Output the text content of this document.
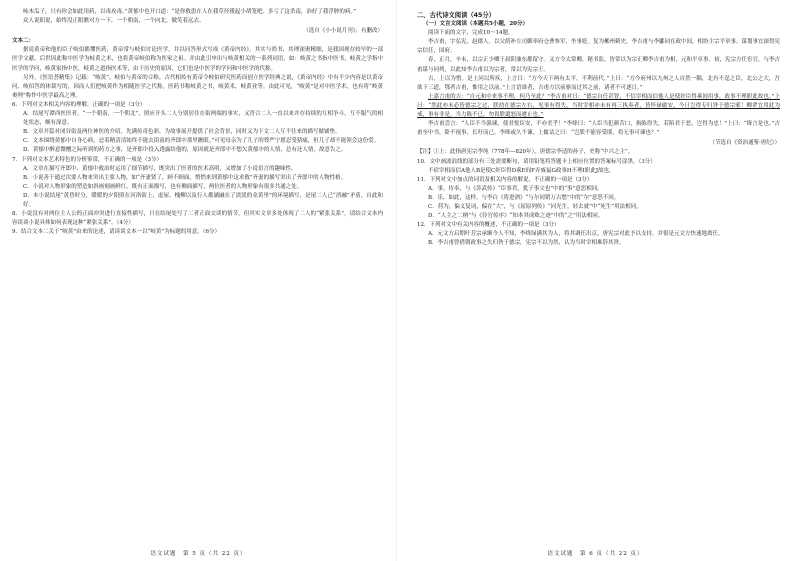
咏木瓜子，只有你会如此用药，以毒攻毒。”黄郁中也开口道：“是你救患在人在我草径援起小胡笼吧。多亏了这杀南，治好了我浮肿的病。”

众人说阳说，始终没正眼瞧对方一下，一个朝南，一个向北，做笑着远去。

（选自《小小说月刊》，有删改）

文本二：

据说黄帝和他的臣子岐伯都懂医药，黄帝常与岐伯讨论医学，并以问答形式写成《黄帝内经》。其实与尚书，其理深奥精细，是我国现存较早的一部医学文献。后世因此称中医学为岐黄之术，也将黄帝岐伯称为医家之祖。并由此引申出与岐黄相关的一系列词语，如：岐黄之书指中医书，岐黄之学指中医学的学问，岐黄家指中医，岐黄之道指医术等，由于历史的原因，它们也是中医学的学问和中医学的代称。

另外，《医语荟精集》记载：“岐黄”，岐伯与黄帝的合称。古代相传有黄帝令岐伯研究医药而创立医学经典之说，《黄帝内经》中有不少内容是以黄帝问、岐伯答的体裁写的，因而人们把岐黄作为相随医学之代称。医药书称岐黄之书，岐黄术，岐黄业等。由此可见，“岐黄”是对中医学术，也有将“岐黄奥理”称作中医学最高之理。

6．下列对文本相关内容的理解，正确的一项是（3分）

A．结尾写谭西医医者，“一个朝南，一个朝北”，照应开头二人分别居住在街两端的事实，又符合二人一直以来并存持续的互相争斗，互不服气的相处状态，颇有深意。

B．文章开篇对闭谷街及两位神医的介绍，先满传奇色彩，为故事展开提供了社会背景，同时又为下文二人互不往来的描写做铺垫。

C．文本围绕黄郁中自身心病，忌着精清清始终不能去街南的齐郎中那里瞧眼。”可见母亲为了儿子的尊严宁愿忍受猜痛，但儿子却不能领会这份爱。

D．黄郁中醉意微醺之际听到的药方之事，是齐郎中投入透露给他的，原因就是齐郎中不想欠黄郁中的人情，总有还人情，故意告之。

7．下列对文本艺术特色的分析鉴赏，不正确的一项是（3分）

A．文章在描写齐郎中、黄郁中救治时运用了细节描写，既突出了医者的医术高明，又增加了小说语言的趣味性。

B．小说善于通过次要人物来突出主要人物，如“齐妻贤了，顾不顾面，悄悄来到黄郁中这求救”齐妻的描写突出了齐郎中的人物性格。

C．小说对人物形象的塑造如斜画刻画鲜红，既有正面描写，也有侧面描写，两位医者的人物形象有很多共通之处。

D．本小说结尾“黄昏时分，暖暖的夕阳照在河洛街上，虚屋、槐柳以及行人都涵融在了淡淡的金黄里”的环境描写，是尾二人己“消融”矛盾，自此和好。

8．小说没有对两位主人公的正面冲突进行直接性描写，只在结尾处写了二者正面交谈的情节，但其实文章多处体现了二人的“紧张关系”，请结合文本内容谈谈小说具体如何表现这种“紧张关系”。（4分）

9．结合文本二关于“岐黄”由来的论述，请谈谈文本一以“岐黄”为标题的用意。（6分）

语文试题　第 5 页（共 22 页）

二、古代诗文阅读（45分）

（一）文言文阅读（本题共5小题，20分）

阅读下面的文字，完成10～14题。

李吉甫，字弘宪，赵郡人。以父荫补左司御率府仓曹参军，坐事贬。复为郴州刺史，李吉甫与李鄘同在政中间，相协主宗平章事。谋划事宜深得宪宗信任，国府。

春，正月，辛未，以宗正少卿王叔阳兼东都留守。又方令太常卿，秘书监，皆常以为宗正卿李吉甫为相，元和平章事。初，宪宗方任宦官，与李吉甫谋与同列，以此知李吉甫以为宗者，常以为宪宗王。

吉，上以为惜。是上问以所疾，上言曰：“方今天下两有太平，不利前代。”上曰：“方今府州以九州之人自然一隅，北有不逞之臣，北公之大，吾欲下三道，鄂者吉甫，惟用之以前。”上言语谁者，吉甫方以前驱而过其之前，诸者不可逐日。”

上嘉言甫的吉：“自元和中来事不理，何乃至此？”李吉甫对曰：“德宗自任甚智，不信宰相而信他人是使奸臣得乘间用事，政事不理职此故也。”上曰：“然此亦未必皆德宗之过，朕幼在德宗左右，见事有得失，当时宰相亦未有再三执奏者，皆怀禄偷安，今日岂得专归咎于德宗邪！卿辈宜用此为戒，事有非是，当力陈不已，勿畏朕谴怒而遽止也。”

李吉甫尝言：“人臣不当强谏，使君悦臣安，不亦美乎！”李绛曰：“人臣当犯颜苦口，指陈得失，若陷君于恶，岂得为忠！”上曰：“绛言是也。”吉甫至中书，卧不视事，长吁而已。李绛或久不谏，上辄诘之曰：“岂朕不能容受耶，将无事可谏也？”

（节选自《资治通鉴·唐纪》）

【注】①上：此指唐宪宗李纯（778年—820年），唐德宗李适的孙子，史称“中兴之主”。

10．文中画波浪线的部分有三处需要断句，请用铅笔将答题卡上相应位置的答案标号涂黑。（3分）

不宿宰相而信A他人B是使C奸臣得D乘E间F弄威福G政事H不理I职此J故也。

11．下列对文中加点的词语及相关内容的解说，不正确的一项是（3分）

A．事，侍奉，与《苏武传》“臣事君，犹子事父也”中的“事”意思相同。

B．乐，如此，这样，与李白《将进酒》“与尔同销万古愁”中的“尔”意思不同。

C．荷为，偏义复词，偏在“大”，与《屈原列传》“同光生，轻去就”中“死生”用法相同。

D．“人主之二柄”与《伶官传序》“知本其成败之迹”中的“之”用法相同。

12．下列对文中有关内容的概述，不正确的一项是（3分）

A．元文方启期叶芳宗承顺今人不知，李绛绿满其为人，将其调任出京，唐宪宗对此予以支持，并很是元文方快速地离任。

B．李吉甫曾借朝政事之失归咎于德宗，宪宗不以为然，认为当时宰相难辞其咎。

语文试题　第 6 页（共 22 页）
